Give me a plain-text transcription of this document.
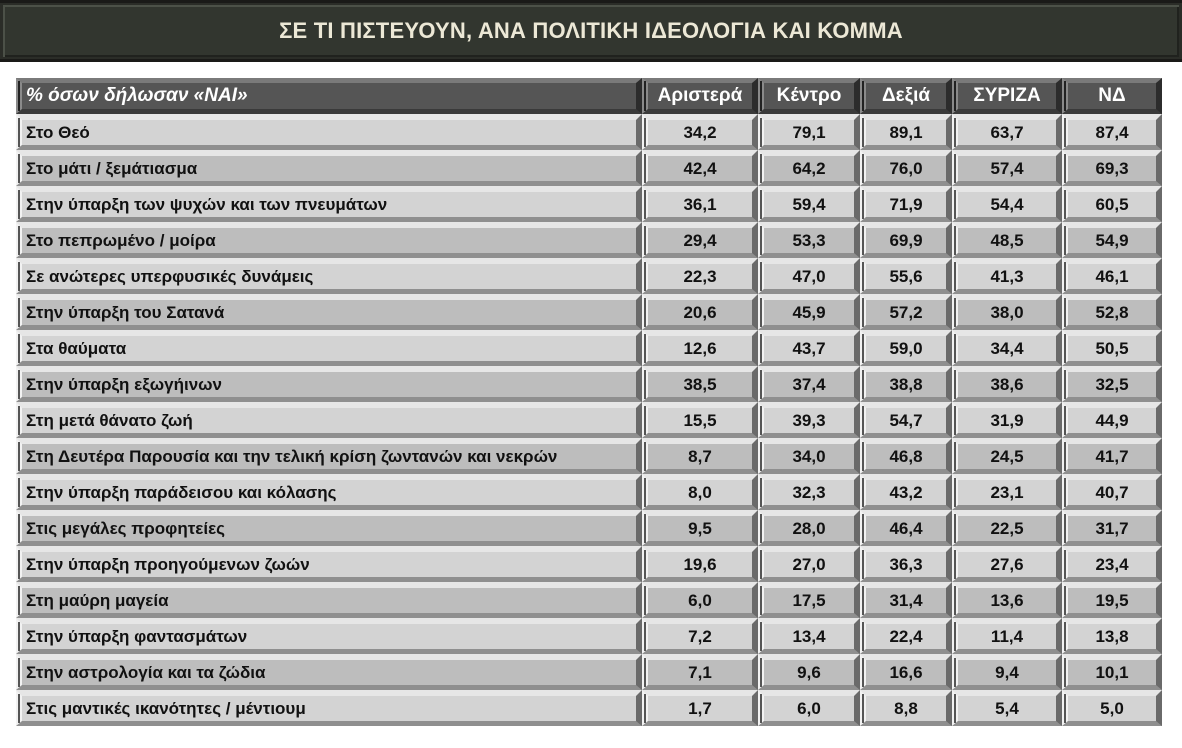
ΣΕ ΤΙ ΠΙΣΤΕΥΟΥΝ, ΑΝΑ ΠΟΛΙΤΙΚΗ ΙΔΕΟΛΟΓΙΑ ΚΑΙ ΚΟΜΜΑ
% όσων δήλωσαν «ΝΑΙ»	Αριστερά	Κέντρο	Δεξιά	ΣΥΡΙΖΑ	ΝΔ

Στο Θεό	34,2	79,1	89,1	63,7	87,4

Στο μάτι / ξεμάτιασμα	42,4	64,2	76,0	57,4	69,3

Στην ύπαρξη των ψυχών και των πνευμάτων	36,1	59,4	71,9	54,4	60,5

Στο πεπρωμένο / μοίρα	29,4	53,3	69,9	48,5	54,9

Σε ανώτερες υπερφυσικές δυνάμεις	22,3	47,0	55,6	41,3	46,1

Στην ύπαρξη του Σατανά	20,6	45,9	57,2	38,0	52,8

Στα θαύματα	12,6	43,7	59,0	34,4	50,5

Στην ύπαρξη εξωγήινων	38,5	37,4	38,8	38,6	32,5

Στη μετά θάνατο ζωή	15,5	39,3	54,7	31,9	44,9

Στη Δευτέρα Παρουσία και την τελική κρίση ζωντανών και νεκρών	8,7	34,0	46,8	24,5	41,7

Στην ύπαρξη παράδεισου και κόλασης	8,0	32,3	43,2	23,1	40,7

Στις μεγάλες προφητείες	9,5	28,0	46,4	22,5	31,7

Στην ύπαρξη προηγούμενων ζωών	19,6	27,0	36,3	27,6	23,4

Στη μαύρη μαγεία	6,0	17,5	31,4	13,6	19,5

Στην ύπαρξη φαντασμάτων	7,2	13,4	22,4	11,4	13,8

Στην αστρολογία και τα ζώδια	7,1	9,6	16,6	9,4	10,1

Στις μαντικές ικανότητες / μέντιουμ	1,7	6,0	8,8	5,4	5,0
